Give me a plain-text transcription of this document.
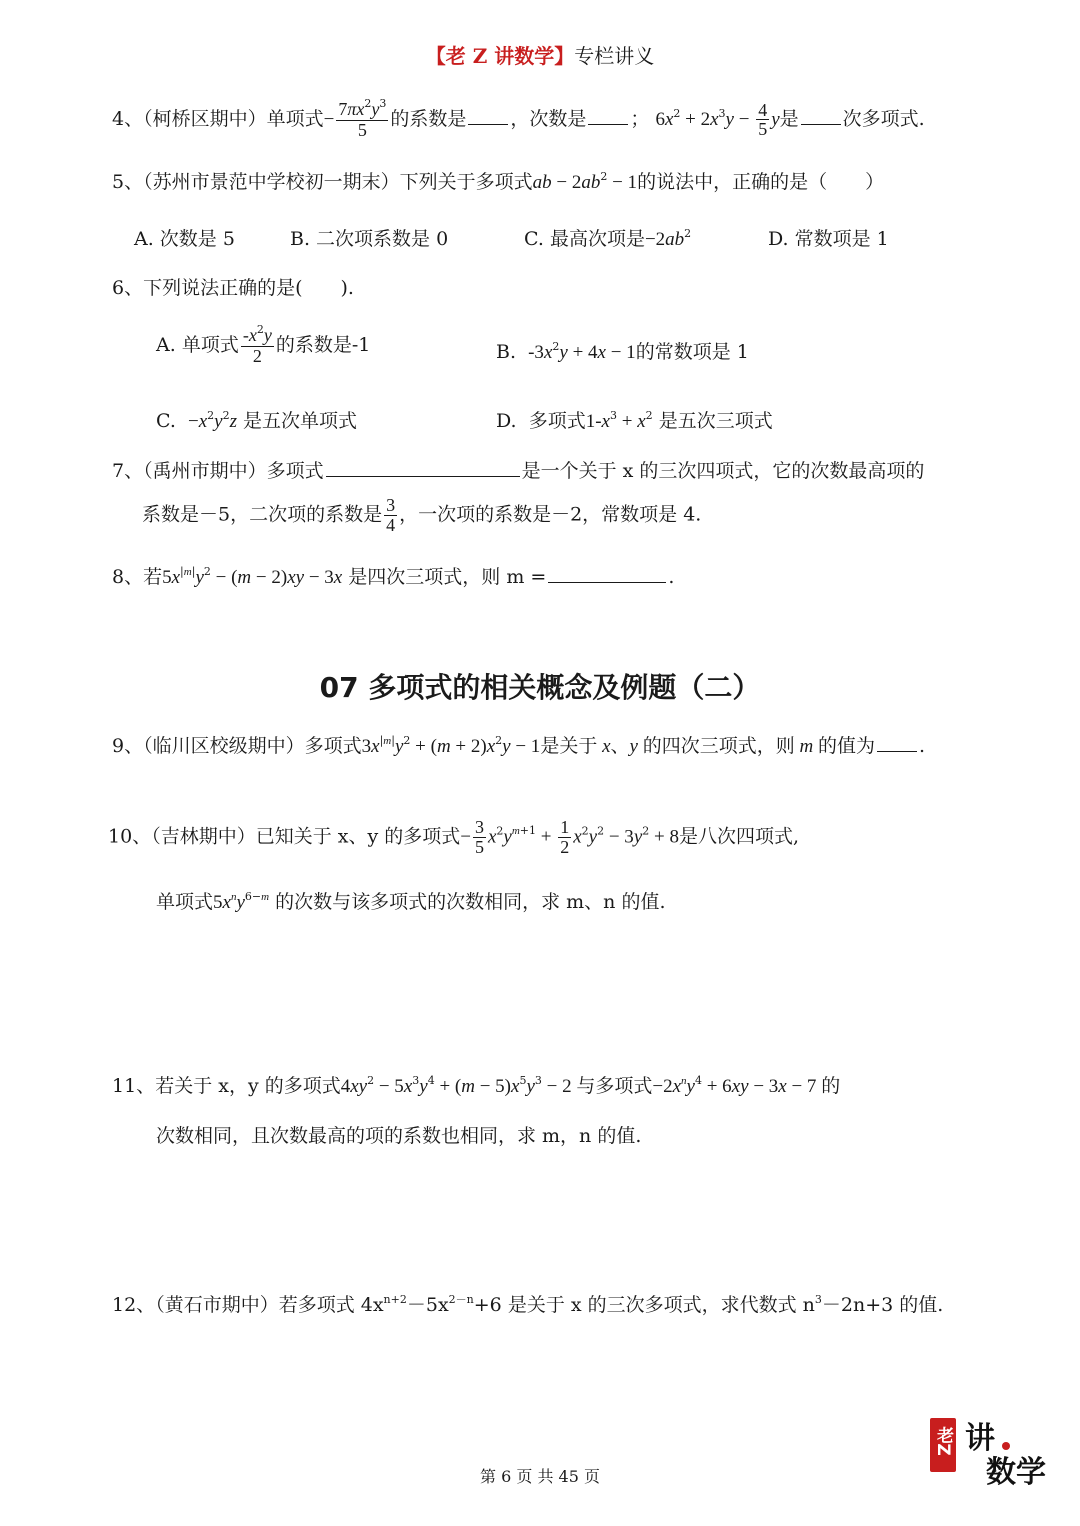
【老 Z 讲数学】专栏讲义
4、（柯桥区期中）单项式− $\frac{7\pi x^2y^3}{5}$ 的系数是 ，次数是 ； $6x^2 + 2x^3y - \frac{4}{5}$ y是 次多项式.
5、（苏州市景范中学校初一期末）下列关于多项式ab − $2ab^2 - 1$的说法中，正确的是（　　）
A. 次数是 5	B. 二次项系数是 0	C. 最高次项是$-2ab^2$	D. 常数项是 1
6、下列说法正确的是(　　).
A. 单项式 $\frac{-x^2y}{2}$ 的系数是-1	B. $-3x^2y + 4x - 1$的常数项是 1
C. $-x^2y^2z$ 是五次单项式	D. 多项式$1-x^3 + x^2$ 是五次三项式
7、（禹州市期中）多项式	是一个关于 x 的三次四项式，它的次数最高项的
系数是－5，二次项的系数是 $\frac{3}{4}$ ，一次项的系数是－2，常数项是 4.
8、若$5x^{|m|}y^2 - (m - 2)xy - 3x$ 是四次三项式，则 m =	.
07 多项式的相关概念及例题（二）
9、（临川区校级期中）多项式$3x^{|m|}y^2 + (m + 2)x^2y - 1$是关于 x、y 的四次三项式，则 m 的值为 .
10、（吉林期中）已知关于 x、y 的多项式− $\frac{3}{5} x^2y^{m+1} + \frac{1}{2} x^2y^2 - 3y^2 + 8$是八次四项式,
单项式$5x^ny^{6-m}$ 的次数与该多项式的次数相同，求 m、n 的值.
11、若关于 x，y 的多项式$4xy^2 - 5x^3y^4 + (m - 5)x^5y^3 - 2$ 与多项式$-2x^ny^4 + 6xy - 3x - 7$ 的
次数相同，且次数最高的项的系数也相同，求 m，n 的值.
12、（黄石市期中）若多项式 $4x^{n+2}-5x^{2-n}+6$ 是关于 x 的三次多项式，求代数式 $n^3-2n+3$ 的值.
第 6 页 共 45 页
老Z 讲
数学
